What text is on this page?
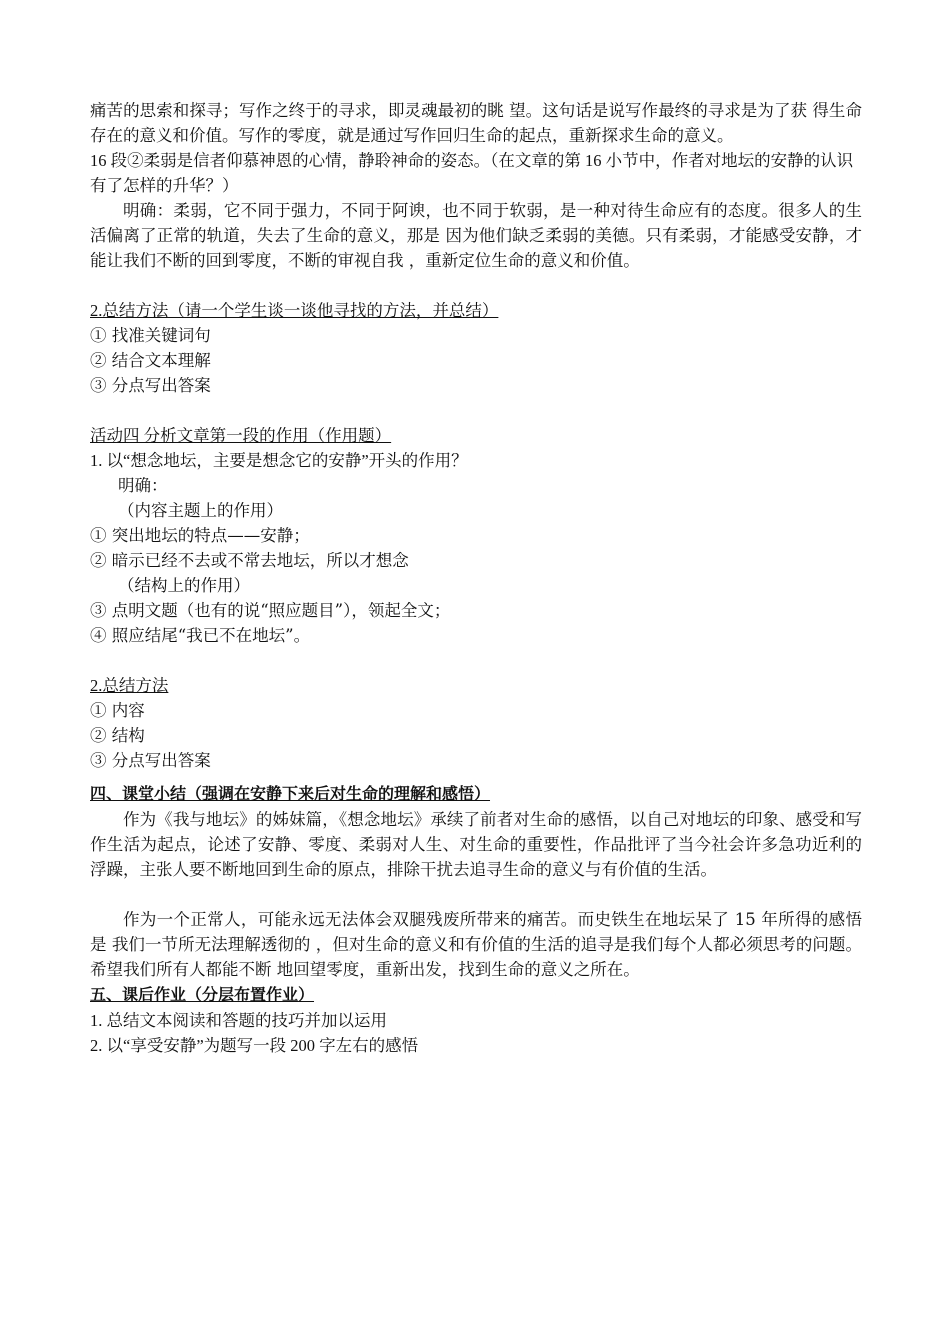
痛苦的思索和探寻；写作之终于的寻求，即灵魂最初的眺 望。这句话是说写作最终的寻求是为了获 得生命存在的意义和价值。写作的零度，就是通过写作回归生命的起点，重新探求生命的意义。

16 段②柔弱是信者仰慕神恩的心情，静聆神命的姿态。（在文章的第 16 小节中，作者对地坛的安静的认识有了怎样的升华？）

明确：柔弱，它不同于强力，不同于阿谀，也不同于软弱，是一种对待生命应有的态度。很多人的生活偏离了正常的轨道，失去了生命的意义，那是 因为他们缺乏柔弱的美德。只有柔弱，才能感受安静，才能让我们不断的回到零度，不断的审视自我 ，重新定位生命的意义和价值。

2.总结方法（请一个学生谈一谈他寻找的方法，并总结）

① 找准关键词句

② 结合文本理解

③ 分点写出答案

活动四 分析文章第一段的作用（作用题）

1. 以“想念地坛，主要是想念它的安静”开头的作用？

明确：

（内容主题上的作用）

① 突出地坛的特点——安静；

② 暗示已经不去或不常去地坛，所以才想念

（结构上的作用）

③ 点明文题（也有的说“照应题目”），领起全文；

④ 照应结尾“我已不在地坛”。

2.总结方法

① 内容

② 结构

③ 分点写出答案

四、课堂小结（强调在安静下来后对生命的理解和感悟）

作为《我与地坛》的姊妹篇，《想念地坛》承续了前者对生命的感悟，以自己对地坛的印象、感受和写作生活为起点，论述了安静、零度、柔弱对人生、对生命的重要性，作品批评了当今社会许多急功近利的浮躁，主张人要不断地回到生命的原点，排除干扰去追寻生命的意义与有价值的生活。

作为一个正常人，可能永远无法体会双腿残废所带来的痛苦。而史铁生在地坛呆了 15 年所得的感悟是 我们一节所无法理解透彻的 ，但对生命的意义和有价值的生活的追寻是我们每个人都必须思考的问题。希望我们所有人都能不断 地回望零度，重新出发，找到生命的意义之所在。

五、课后作业（分层布置作业）

1. 总结文本阅读和答题的技巧并加以运用

2. 以“享受安静”为题写一段 200 字左右的感悟
